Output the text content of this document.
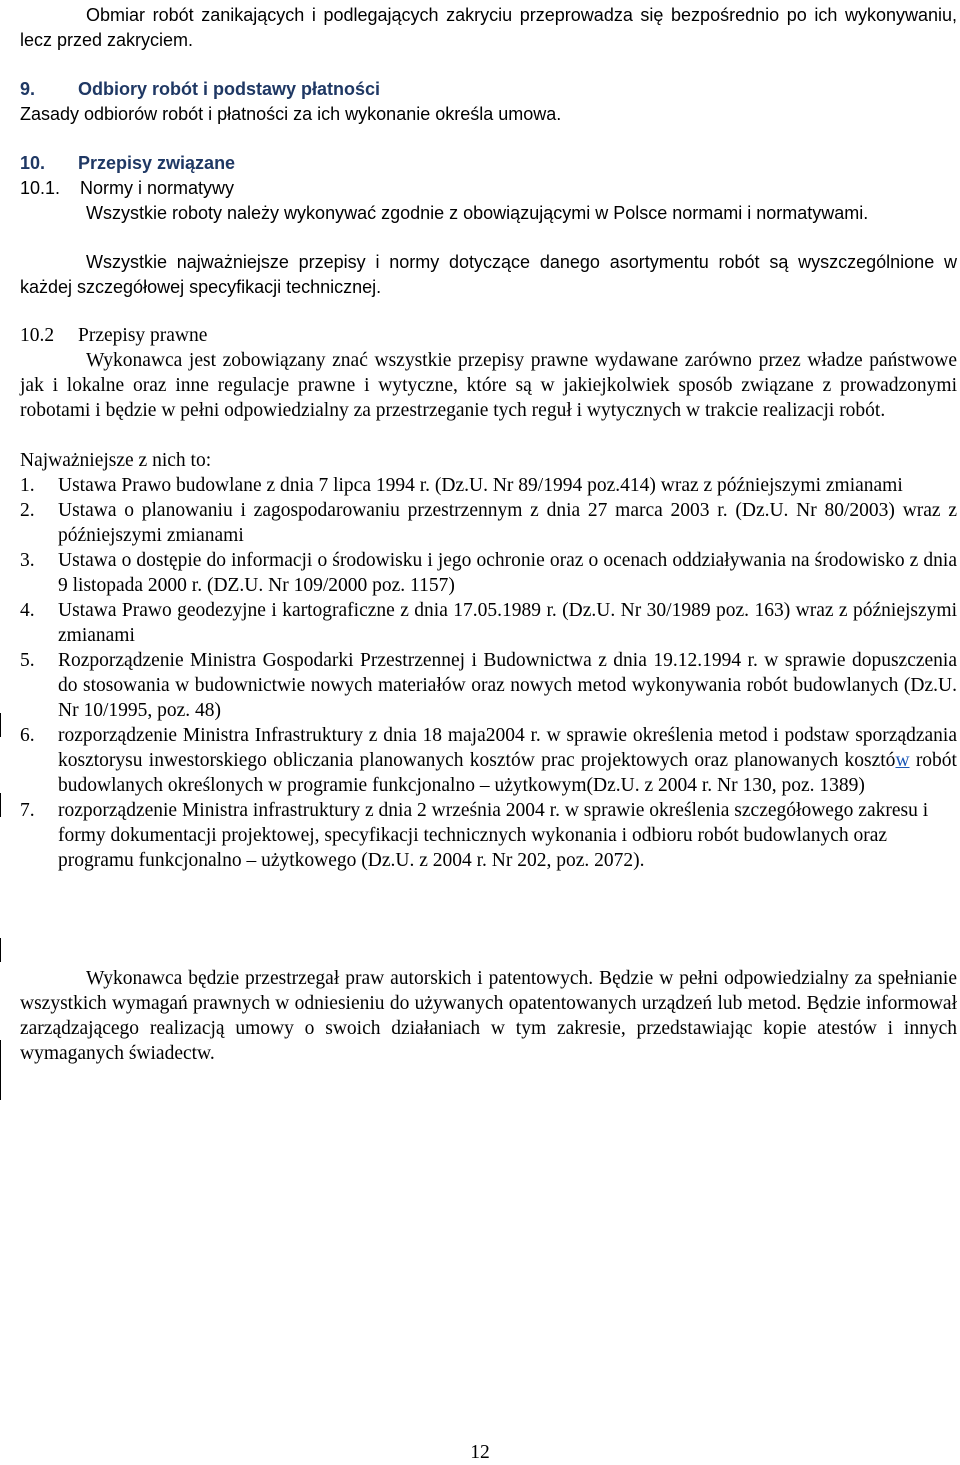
Obmiar robót zanikających i podlegających zakryciu przeprowadza się bezpośrednio po ich wykonywaniu, lecz przed zakryciem.

9. Odbiory robót i podstawy płatności

Zasady odbiorów robót i płatności za ich wykonanie określa umowa.

10. Przepisy związane
10.1. Normy i normatywy

Wszystkie roboty należy wykonywać zgodnie z obowiązującymi w Polsce normami i normatywami.

Wszystkie najważniejsze przepisy i normy dotyczące danego asortymentu robót są wyszczególnione w każdej szczegółowej specyfikacji technicznej.

10.2 Przepisy prawne

Wykonawca jest zobowiązany znać wszystkie przepisy prawne wydawane zarówno przez władze państwowe jak i lokalne oraz inne regulacje prawne i wytyczne, które są w jakiejkolwiek sposób związane z prowadzonymi robotami i będzie w pełni odpowiedzialny za przestrzeganie tych reguł i wytycznych w trakcie realizacji robót.

Najważniejsze z nich to:

1.	Ustawa Prawo budowlane z dnia 7 lipca 1994 r. (Dz.U. Nr 89/1994 poz.414) wraz z późniejszymi zmianami
2.	Ustawa o planowaniu i zagospodarowaniu przestrzennym z dnia 27 marca 2003 r. (Dz.U. Nr 80/2003) wraz z późniejszymi zmianami
3.	Ustawa o dostępie do informacji o środowisku i jego ochronie oraz o ocenach oddziaływania na środowisko z dnia 9 listopada 2000 r. (DZ.U. Nr 109/2000 poz. 1157)
4.	Ustawa Prawo geodezyjne i kartograficzne z dnia 17.05.1989 r. (Dz.U. Nr 30/1989 poz. 163) wraz z późniejszymi zmianami
5.	Rozporządzenie Ministra Gospodarki Przestrzennej i Budownictwa z dnia 19.12.1994 r. w sprawie dopuszczenia do stosowania w budownictwie nowych materiałów oraz nowych metod wykonywania robót budowlanych (Dz.U. Nr 10/1995, poz. 48)
6.	rozporządzenie Ministra Infrastruktury z dnia 18 maja2004 r. w sprawie określenia metod i podstaw sporządzania kosztorysu inwestorskiego obliczania planowanych kosztów prac projektowych oraz planowanych kosztów robót budowlanych określonych w programie funkcjonalno – użytkowym(Dz.U. z 2004 r. Nr 130, poz. 1389)
7.	rozporządzenie Ministra infrastruktury z dnia 2 września 2004 r. w sprawie określenia szczegółowego zakresu i formy dokumentacji projektowej, specyfikacji technicznych wykonania i odbioru robót budowlanych oraz programu funkcjonalno – użytkowego (Dz.U. z 2004 r. Nr 202, poz. 2072).

Wykonawca będzie przestrzegał praw autorskich i patentowych. Będzie w pełni odpowiedzialny za spełnianie wszystkich wymagań prawnych w odniesieniu do używanych opatentowanych urządzeń lub metod. Będzie informował zarządzającego realizacją umowy o swoich działaniach w tym zakresie, przedstawiając kopie atestów i innych wymaganych świadectw.

12
